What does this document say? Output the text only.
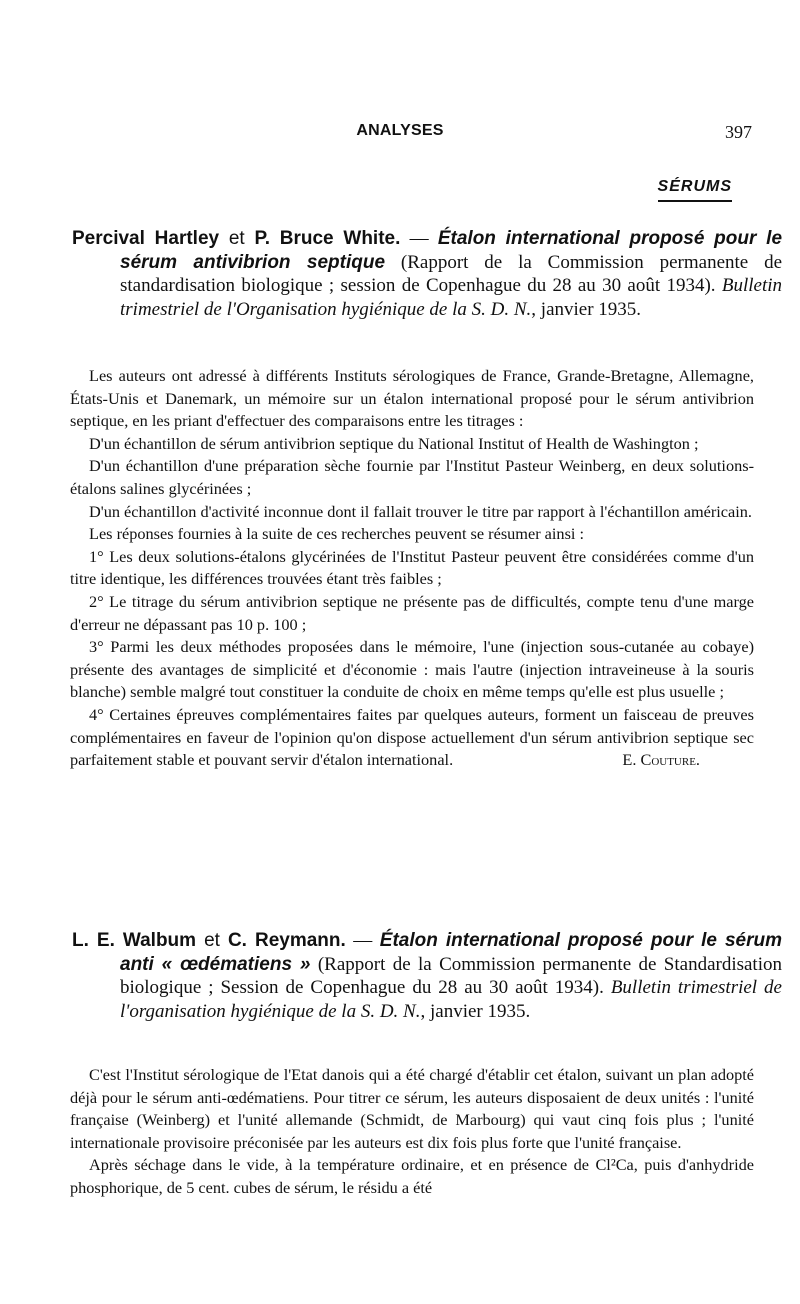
ANALYSES	397
SÉRUMS
Percival Hartley et P. Bruce White. — Étalon international proposé pour le sérum antivibrion septique (Rapport de la Commission permanente de standardisation biologique ; session de Copenhague du 28 au 30 août 1934). Bulletin trimestriel de l'Organisation hygiénique de la S. D. N., janvier 1935.

Les auteurs ont adressé à différents Instituts sérologiques de France, Grande-Bretagne, Allemagne, États-Unis et Danemark, un mémoire sur un étalon international proposé pour le sérum antivibrion septique, en les priant d'effectuer des comparaisons entre les titrages :

D'un échantillon de sérum antivibrion septique du National Institut of Health de Washington ;

D'un échantillon d'une préparation sèche fournie par l'Institut Pasteur Weinberg, en deux solutions-étalons salines glycérinées ;

D'un échantillon d'activité inconnue dont il fallait trouver le titre par rapport à l'échantillon américain.

Les réponses fournies à la suite de ces recherches peuvent se résumer ainsi :

1° Les deux solutions-étalons glycérinées de l'Institut Pasteur peuvent être considérées comme d'un titre identique, les différences trouvées étant très faibles ;

2° Le titrage du sérum antivibrion septique ne présente pas de difficultés, compte tenu d'une marge d'erreur ne dépassant pas 10 p. 100 ;

3° Parmi les deux méthodes proposées dans le mémoire, l'une (injection sous-cutanée au cobaye) présente des avantages de simplicité et d'économie : mais l'autre (injection intraveineuse à la souris blanche) semble malgré tout constituer la conduite de choix en même temps qu'elle est plus usuelle ;

4° Certaines épreuves complémentaires faites par quelques auteurs, forment un faisceau de preuves complémentaires en faveur de l'opinion qu'on dispose actuellement d'un sérum antivibrion septique sec parfaitement stable et pouvant servir d'étalon international.	E. Couture.

L. E. Walbum et C. Reymann. — Étalon international proposé pour le sérum anti « œdématiens » (Rapport de la Commission permanente de Standardisation biologique ; Session de Copenhague du 28 au 30 août 1934). Bulletin trimestriel de l'organisation hygiénique de la S. D. N., janvier 1935.

C'est l'Institut sérologique de l'Etat danois qui a été chargé d'établir cet étalon, suivant un plan adopté déjà pour le sérum anti-œdématiens. Pour titrer ce sérum, les auteurs disposaient de deux unités : l'unité française (Weinberg) et l'unité allemande (Schmidt, de Marbourg) qui vaut cinq fois plus ; l'unité internationale provisoire préconisée par les auteurs est dix fois plus forte que l'unité française.

Après séchage dans le vide, à la température ordinaire, et en présence de Cl²Ca, puis d'anhydride phosphorique, de 5 cent. cubes de sérum, le résidu a été
